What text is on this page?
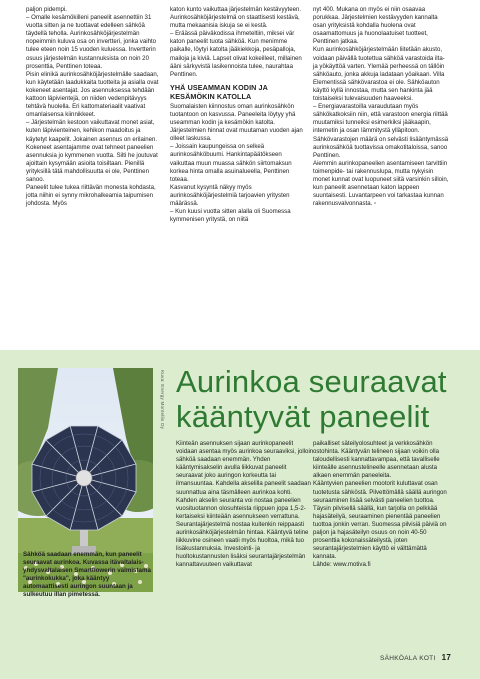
paljon pidempi.

– Omalle kesämökilleni paneelit asennettiin 31 vuotta sitten ja ne tuottavat edelleen sähköä täydellä teholla. Aurinkosähköjärjestelmän nopeimmin kuluva osa on invertteri, jonka vaihto tulee eteen noin 15 vuoden kuluessa. Invertterin osuus järjestelmän kustannuksista on noin 20 prosenttia, Penttinen toteaa.

Pisin elinikä aurinkosähköjärjestelmälle saadaan, kun käytetään laadukkaita tuotteita ja asialla ovat kokeneet asentajat. Jos asennuksessa tehdään kattoon läpivientejä, on niiden vedenpitävyys tehtävä huolella. Eri kattomateriaalit vaativat omanlaisensa kiinnikkeet.

– Järjestelmän kestoon vaikuttavat monet asiat, kuten läpivienteinen, kehikon maadoitus ja käytetyt kaapelit. Jokainen asennus on erilainen. Kokeneet asentajamme ovat tehneet paneelien asennuksia jo kymmenen vuotta. Silti he joutuvat ajoittain kysymään asioita toisiltaan. Pienillä yrityksillä tätä mahdollisuutta ei ole, Penttinen sanoo.

Paneelit tulee tukea riittävän monesta kohdasta, jotta niihin ei synny mikrohalkeamia taipumisen johdosta. Myös

katon kunto vaikuttaa järjestelmän kestävyyteen. Aurinkosähköjärjestelmä on staattisesti kestävä, mutta mekaanisia iskuja se ei kestä.

– Eräässä päiväkodissa ihmeteltiin, miksei vär katon paneelit tuota sähköä. Kun menimme paikalle, löytyi katolta jääkiekkoja, pesäpalloja, mailoja ja kiviä. Lapset olivat kokeilleet, millainen ääni särkyvistä lasikennoista tulee, naurahtaa Penttinen.

YHÄ USEAMMAN KODIN JA KESÄMÖKIN KATOLLA

Suomalaisten kiinnostus oman aurinkosähkön tuotantoon on kasvussa. Paneeleita löytyy yhä useamman kodin ja kesämökin katolta. Järjestelmien hinnat ovat muutaman vuoden ajan olleet laskussa.

– Joissain kaupungeissa on selkeä aurinkosähköbuumi. Hankintapäätökseen vaikuttaa muun muassa sähkön siirtomaksun korkea hinta omalla asuinalueella, Penttinen toteaa.

Kasvanut kysyntä näkyy myös aurinkosähköjärjestelmiä tarjoavien yritysten määrässä.

– Kun kuusi vuotta sitten alalla oli Suomessa kymmenisen yritystä, on niitä

nyt 400. Mukana on myös ei niin osaavaa porukkaa. Järjestelmien kestävyyden kannalta osan yrityksistä kohdalla huolena ovat osaamattomuus ja huonolaatuiset tuotteet, Penttinen jatkaa.

Kun aurinkosähköjärjestelmään liitetään akusto, voidaan päivällä tuotettua sähköä varastoida ilta- ja yökäyttöä varten. Ylemää perheessä on tällöin sähköauto, jonka akkuja ladataan yöaikaan. Villa Elementissä sähkövarastoa ei ole. Sähköauton käyttö kyllä innostaa, mutta sen hankinta jää toistaiseksi tulevaisuuden haaveeksi.

– Energiavarastoilla varaudutaan myös sähkökatkoksiin niin, että varastoon energia riittää muutamiksi tunneiksi esimerkiksi jääkaapin, internetin ja osan lämmitystä ylläpitoon. Sähkövarastojen määrä on selvästi lisääntymässä aurinkosähköä tuottavissa omakotitaloissa, sanoo Penttinen.

Aiemmin aurinkopaneelien asentamiseen tarvittiin toimenpide- tai rakennuslupa, mutta nykyisin monet kunnat ovat luopuneet siitä varsinkin silloin, kun paneelit asennetaan katon lappeen suuntaisesti. Luvantarpeen voi tarkastaa kunnan rakennusvalvonnasta. ▫

Kuva: Energy Montellis Oy
Sähköä saadaan enemmän, kun paneelit seuraavat aurinkoa. Kuvassa itävaltalais-yhdysvaltalaisen Smartflowerin valmistama "aurinkokukka", joka kääntyy automaattisesti auringon suuntaan ja sulkeutuu illan pimetessä.
Aurinkoa seuraavat
kääntyvät paneelit

Kiinteän asennuksen sijaan aurinkopaneelit voidaan asentaa myös aurinkoa seuraaviksi, jolloin sähköä saadaan enemmän. Yhden kääntymisakselin avulla liikkuvat paneelit seuraavat joko auringon korkeutta tai ilmansuuntaa. Kahdella akselilla paneelit saadaan suunnattua aina täsmälleen aurinkoa kohti. Kahden akselin seuranta voi nostaa paneelien vuosituotannon olosuhteista riippuen jopa 1,5-2-kertaiseksi kiinteään asennukseen verrattuna.

Seurantajärjestelmä nostaa kuitenkin reippaasti aurinkosähköjärjestelmän hintaa. Kääntyvä teline liikkuvine osineen vaatii myös huoltoa, mikä tuo lisäkustannuksia. Investointi- ja huoltokustannusten lisäksi seurantajärjestelmän kannattavuuteen vaikuttavat

paikalliset säteilyolosuhteet ja verkkosähkön ostohinta. Kääntyvän telineen sijaan voikin olla taloudellisesti kannattavampaa, että tavalliselle kiinteälle asennustelineelle asennetaan alusta alkaen enemmän paneeleita.

Kääntyvien paneelien mootorit kuluttavat osan tuotetusta sähköstä. Pilvettömällä säällä auringon seuraaminen lisää selvästi paneelien tuottoa. Täysin pilvisellä säällä, kun tarjolla on pelkkää hajasäteilyä, seuraaminen pienentää paneelien tuottoa jonkin verran. Suomessa pilvisiä päiviä on paljon ja hajasäteilyn osuus on noin 40-50 prosenttia kokonaissäteilystä, joten seurantajärjestelmien käyttö ei välttämättä kannata.

Lähde: www.motiva.fi

SÄHKÖALA KOTI 17
